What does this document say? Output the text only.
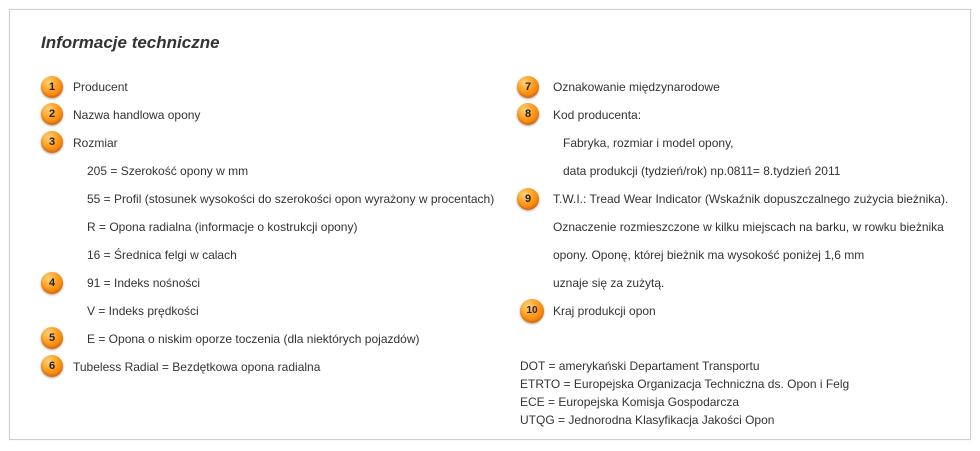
Informacje techniczne
1
2
3
4
5
6
Producent
Nazwa handlowa opony
Rozmiar
205 = Szerokość opony w mm
55 = Profil (stosunek wysokości do szerokości opon wyrażony w procentach)
R = Opona radialna (informacje o kostrukcji opony)
16 = Średnica felgi w calach
91 = Indeks nośności
V = Indeks prędkości
E = Opona o niskim oporze toczenia (dla niektórych pojazdów)
Tubeless Radial = Bezdętkowa opona radialna
7
8
9
10
Oznakowanie międzynarodowe
Kod producenta:
Fabryka, rozmiar i model opony,
data produkcji (tydzień/rok) np.0811= 8.tydzień 2011
T.W.I.: Tread Wear Indicator (Wskaźnik dopuszczalnego zużycia bieżnika).
Oznaczenie rozmieszczone w kilku miejscach na barku, w rowku bieżnika
opony. Oponę, której bieżnik ma wysokość poniżej 1,6 mm
uznaje się za zużytą.
Kraj produkcji opon
DOT = amerykański Departament Transportu
ETRTO = Europejska Organizacja Techniczna ds. Opon i Felg
ECE = Europejska Komisja Gospodarcza
UTQG = Jednorodna Klasyfikacja Jakości Opon
